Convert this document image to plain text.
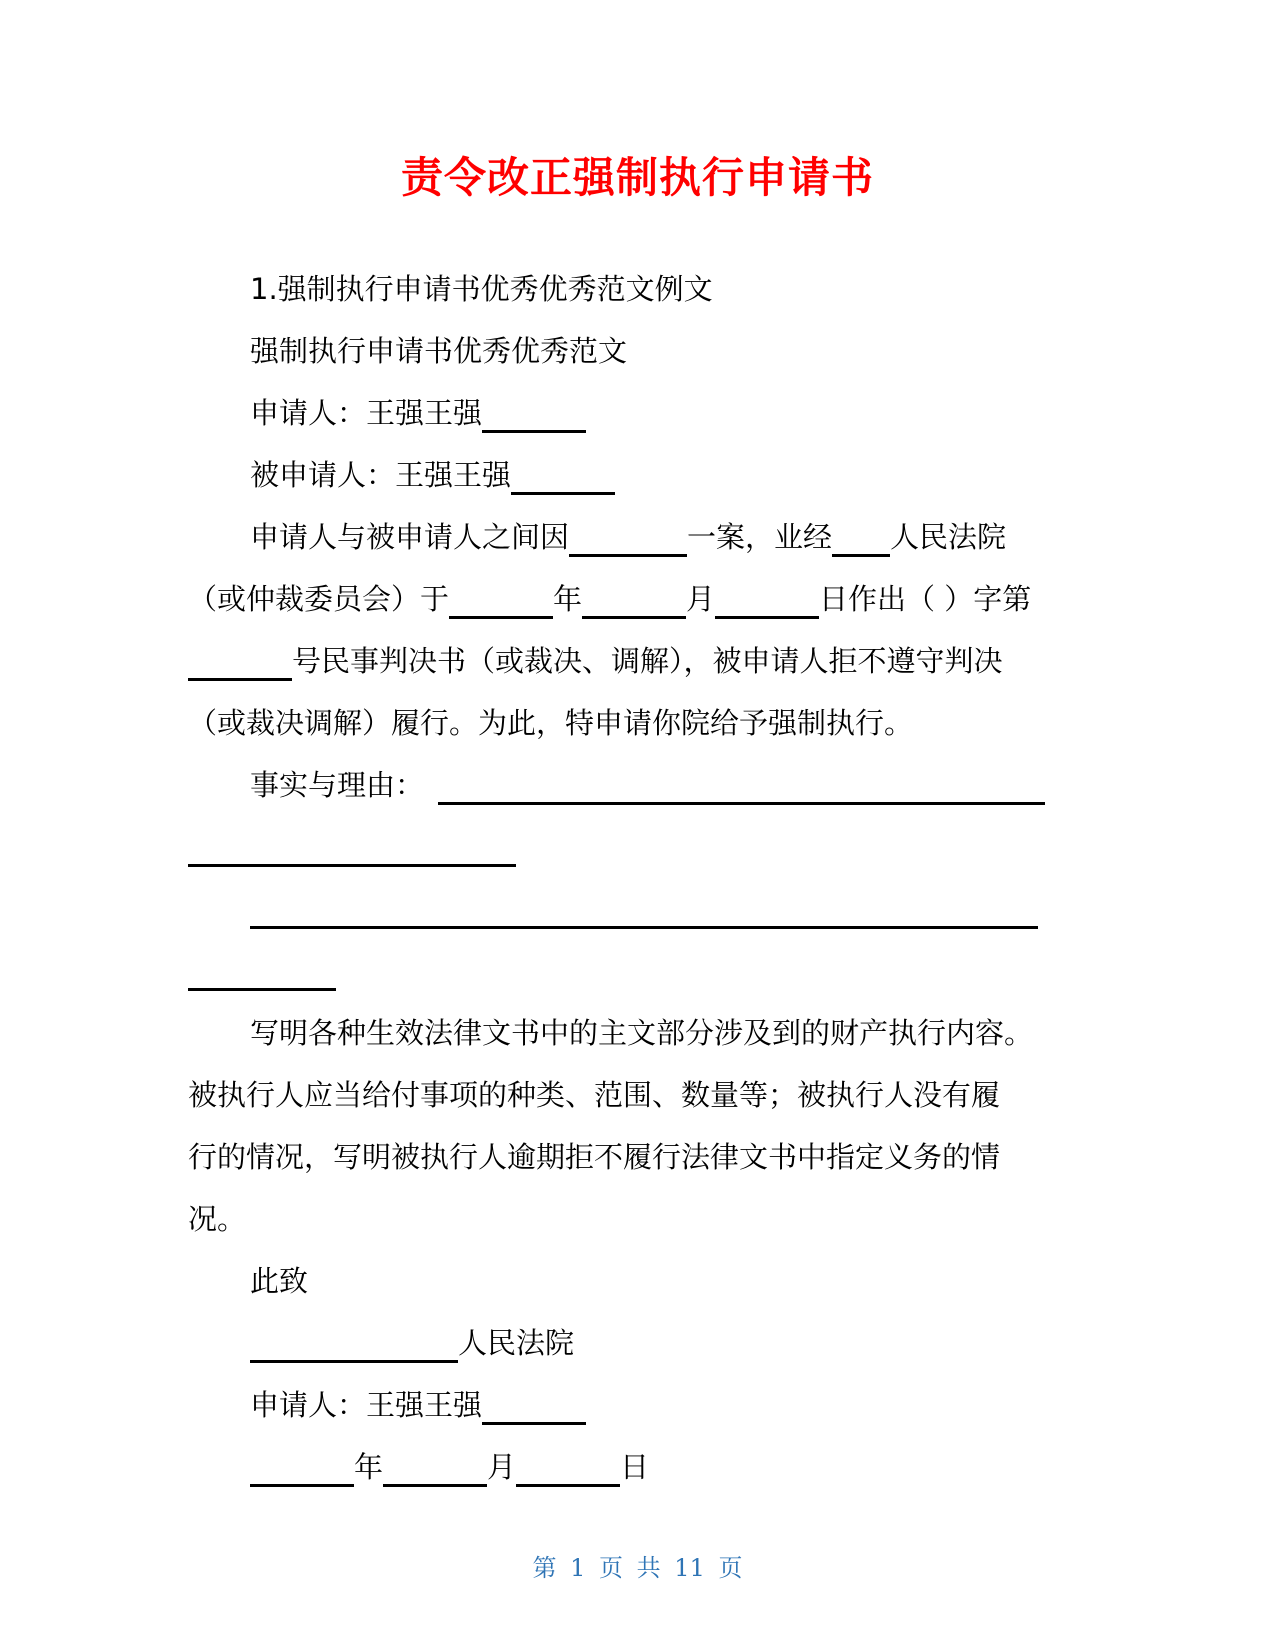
责令改正强制执行申请书
1.强制执行申请书优秀优秀范文例文
强制执行申请书优秀优秀范文
申请人：王强王强
被申请人：王强王强
申请人与被申请人之间因	一案，业经 人民法院
（或仲裁委员会）于	年	月	日作出（ ）字第
号民事判决书（或裁决、调解），被申请人拒不遵守判决
（或裁决调解）履行。为此，特申请你院给予强制执行。
事实与理由：
写明各种生效法律文书中的主文部分涉及到的财产执行内容。
被执行人应当给付事项的种类、范围、数量等；被执行人没有履
行的情况，写明被执行人逾期拒不履行法律文书中指定义务的情
况。
此致
人民法院
申请人：王强王强
年	月	日
第 1 页 共 11 页
